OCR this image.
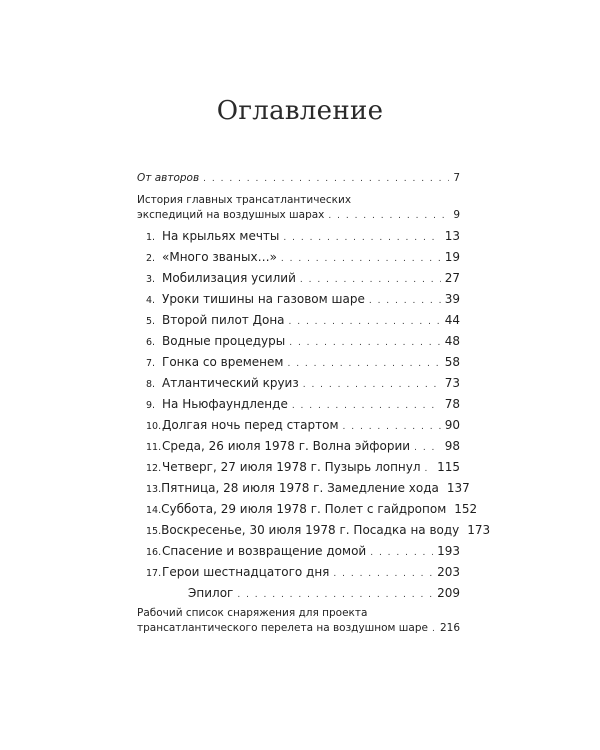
Оглавление
От авторов . . .	7
История главных трансатлантических
экспедиций на воздушных шарах . . .	9
1. На крыльях мечты . . .	13
2. «Много званых…» . . .	19
3. Мобилизация усилий . . .	27
4. Уроки тишины на газовом шаре . . .	39
5. Второй пилот Дона . . .	44
6. Водные процедуры . . .	48
7. Гонка со временем . . .	58
8. Атлантический круиз . . .	73
9. На Ньюфаундленде . . .	78
10. Долгая ночь перед стартом . . .	90
11. Среда, 26 июля 1978 г. Волна эйфории . . .	98
12. Четверг, 27 июля 1978 г. Пузырь лопнул . . . 115
13. Пятница, 28 июля 1978 г. Замедление хода 137
14. Суббота, 29 июля 1978 г. Полет с гайдропом 152
15. Воскресенье, 30 июля 1978 г. Посадка на воду 173
16. Спасение и возвращение домой . . .	193
17. Герои шестнадцатого дня . . .	203
Эпилог . . .	209
Рабочий список снаряжения для проекта
трансатлантического перелета на воздушном шаре . . . 216
